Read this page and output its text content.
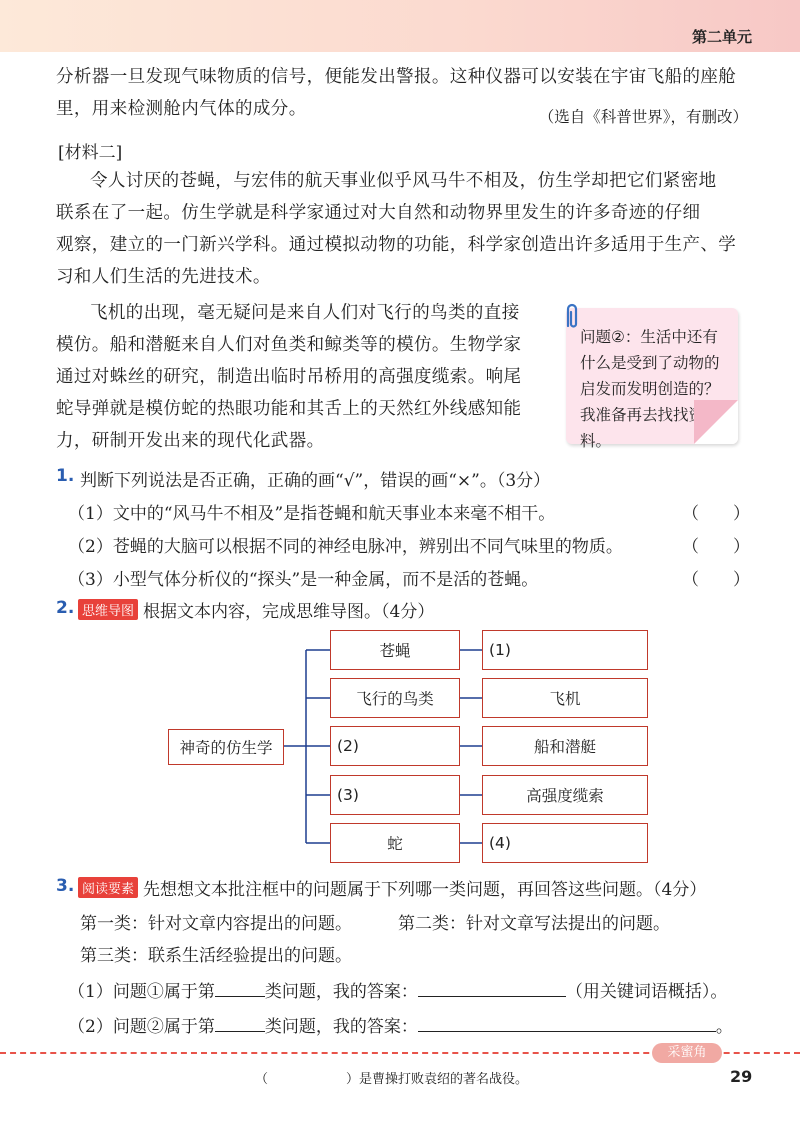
第二单元
分析器一旦发现气味物质的信号，便能发出警报。这种仪器可以安装在宇宙飞船的座舱
里，用来检测舱内气体的成分。	（选自《科普世界》，有删改）
[材料二]
令人讨厌的苍蝇，与宏伟的航天事业似乎风马牛不相及，仿生学却把它们紧密地
联系在了一起。仿生学就是科学家通过对大自然和动物界里发生的许多奇迹的仔细
观察，建立的一门新兴学科。通过模拟动物的功能，科学家创造出许多适用于生产、学
习和人们生活的先进技术。
飞机的出现，毫无疑问是来自人们对飞行的鸟类的直接
模仿。船和潜艇来自人们对鱼类和鲸类等的模仿。生物学家
通过对蛛丝的研究，制造出临时吊桥用的高强度缆索。响尾
蛇导弹就是模仿蛇的热眼功能和其舌上的天然红外线感知能
力，研制开发出来的现代化武器。
问题②：生活中还有什么是受到了动物的启发而发明创造的？我准备再去找找资料。
1. 判断下列说法是否正确，正确的画“√”，错误的画“×”。（3分）
（1）文中的“风马牛不相及”是指苍蝇和航天事业本来毫不相干。	（　　）
（2）苍蝇的大脑可以根据不同的神经电脉冲，辨别出不同气味里的物质。	（　　）
（3）小型气体分析仪的“探头”是一种金属，而不是活的苍蝇。	（　　）
2. 思维导图 根据文本内容，完成思维导图。（4分）
神奇的仿生学
苍蝇	(1)
飞行的鸟类	飞机
(2)	船和潜艇
(3)	高强度缆索
蛇	(4)
3. 阅读要素 先想想文本批注框中的问题属于下列哪一类问题，再回答这些问题。（4分）
第一类：针对文章内容提出的问题。	第二类：针对文章写法提出的问题。
第三类：联系生活经验提出的问题。
（1）问题①属于第	类问题，我的答案：	（用关键词语概括）。
（2）问题②属于第	类问题，我的答案：	。
采蜜角
（　　　　　　）是曹操打败袁绍的著名战役。	29
